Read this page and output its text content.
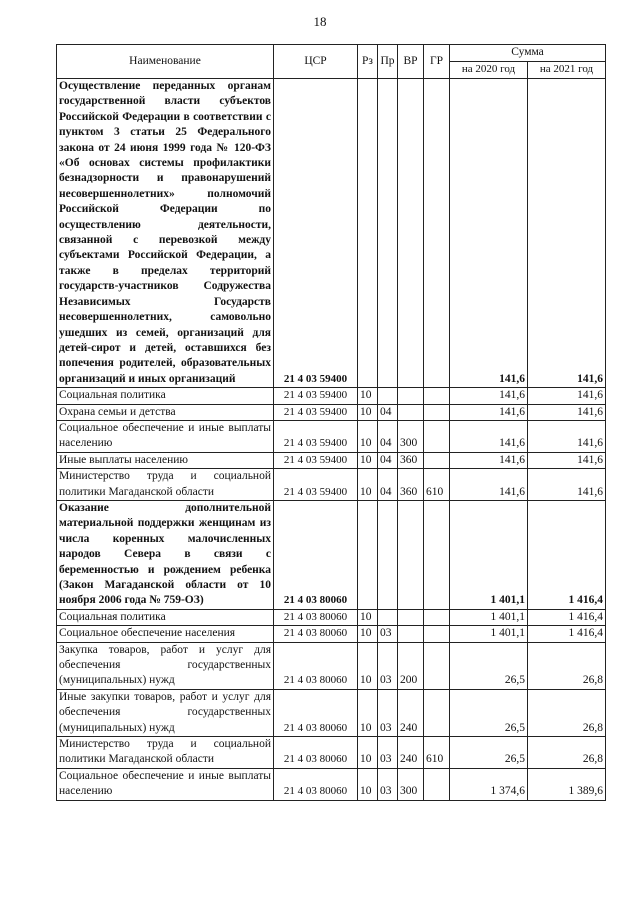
18
Наименование	ЦСР	Рз	Пр	ВР	ГР	Сумма	
						на 2020 год	на 2021 год
Осуществление переданных органам государственной власти субъектов Российской Федерации в соответствии с пунктом 3 статьи 25 Федерального закона от 24 июня 1999 года № 120-ФЗ «Об основах системы профилактики безнадзорности и правонарушений несовершеннолетних» полномочий Российской Федерации по осуществлению деятельности, связанной с перевозкой между субъектами Российской Федерации, а также в пределах территорий государств-участников Содружества Независимых Государств несовершеннолетних, самовольно ушедших из семей, организаций для детей-сирот и детей, оставшихся без попечения родителей, образовательных организаций и иных организаций	21 4 03 59400					141,6	141,6
Социальная политика	21 4 03 59400	10				141,6	141,6
Охрана семьи и детства	21 4 03 59400	10	04			141,6	141,6
Социальное обеспечение и иные выплаты населению	21 4 03 59400	10	04	300		141,6	141,6
Иные выплаты населению	21 4 03 59400	10	04	360		141,6	141,6
Министерство труда и социальной политики Магаданской области	21 4 03 59400	10	04	360	610	141,6	141,6
Оказание дополнительной материальной поддержки женщинам из числа коренных малочисленных народов Севера в связи с беременностью и рождением ребенка (Закон Магаданской области от 10 ноября 2006 года № 759-ОЗ)	21 4 03 80060					1 401,1	1 416,4
Социальная политика	21 4 03 80060	10				1 401,1	1 416,4
Социальное обеспечение населения	21 4 03 80060	10	03			1 401,1	1 416,4
Закупка товаров, работ и услуг для обеспечения государственных (муниципальных) нужд	21 4 03 80060	10	03	200		26,5	26,8
Иные закупки товаров, работ и услуг для обеспечения государственных (муниципальных) нужд	21 4 03 80060	10	03	240		26,5	26,8
Министерство труда и социальной политики Магаданской области	21 4 03 80060	10	03	240	610	26,5	26,8
Социальное обеспечение и иные выплаты населению	21 4 03 80060	10	03	300		1 374,6	1 389,6
